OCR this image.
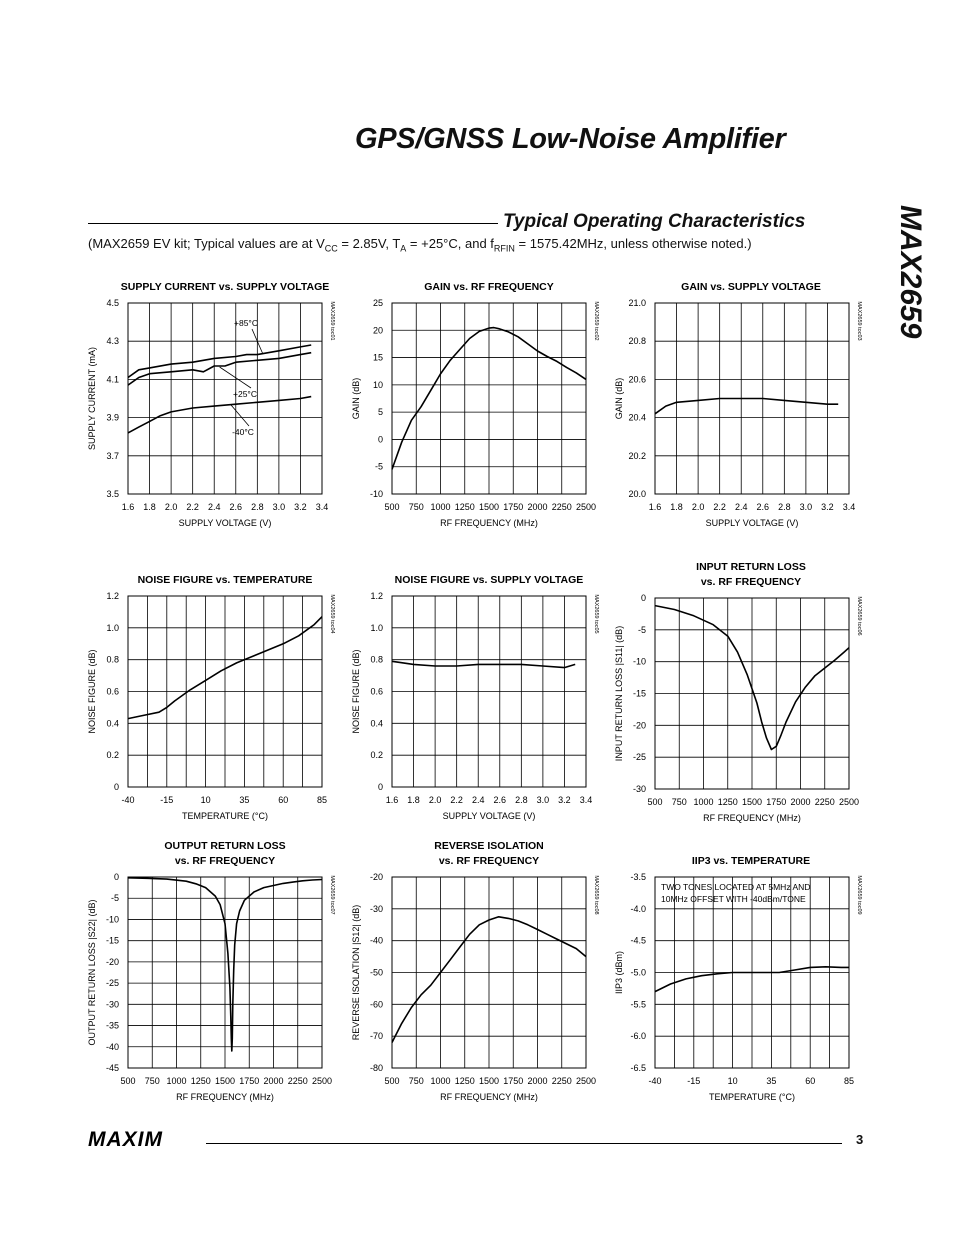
GPS/GNSS Low-Noise Amplifier
MAX2659
Typical Operating Characteristics
(MAX2659 EV kit; Typical values are at $V_{CC} = 2.85V$, $T_A = +25^\circ C$, and $f_{RFIN} = 1575.42MHz$, unless otherwise noted.)
SUPPLY CURRENT vs. SUPPLY VOLTAGE
1.6 1.8 2.0 2.2 2.4 2.6 2.8 3.0 3.2 3.4
3.5
3.7
3.9
4.1
4.3
4.5
SUPPLY VOLTAGE (V)
SUPPLY CURRENT (mA)
MAX2659 toc01
+85°C
+25°C
-40°C
GAIN vs. RF FREQUENCY
500 750 1000 1250 1500 1750 2000 2250 2500
-10
-5
0
5
10
15
20
25
RF FREQUENCY (MHz)
GAIN (dB)
MAX2659 toc02
GAIN vs. SUPPLY VOLTAGE
1.6 1.8 2.0 2.2 2.4 2.6 2.8 3.0 3.2 3.4
20.0
20.2
20.4
20.6
20.8
21.0
SUPPLY VOLTAGE (V)
GAIN (dB)
MAX2659 toc03
NOISE FIGURE vs. TEMPERATURE
-40	-15	10	35	60	85
0
0.2
0.4
0.6
0.8
1.0
1.2
TEMPERATURE (°C)
NOISE FIGURE (dB)
MAX2659 toc04
NOISE FIGURE vs. SUPPLY VOLTAGE
1.6 1.8 2.0 2.2 2.4 2.6 2.8 3.0 3.2 3.4
0
0.2
0.4
0.6
0.8
1.0
1.2
SUPPLY VOLTAGE (V)
NOISE FIGURE (dB)
MAX2659 toc05
INPUT RETURN LOSS
vs. RF FREQUENCY
500 750 1000 1250 1500 1750 2000 2250 2500
-30
-25
-20
-15
-10
-5
0
RF FREQUENCY (MHz)
INPUT RETURN LOSS |S11| (dB)
MAX2659 toc06
OUTPUT RETURN LOSS
vs. RF FREQUENCY
500 750 1000 1250 1500 1750 2000 2250 2500
-45
-40
-35
-30
-25
-20
-15
-10
-5
0
RF FREQUENCY (MHz)
OUTPUT RETURN LOSS |S22| (dB)
MAX2659 toc07
REVERSE ISOLATION
vs. RF FREQUENCY
500 750 1000 1250 1500 1750 2000 2250 2500
-80
-70
-60
-50
-40
-30
-20
RF FREQUENCY (MHz)
REVERSE ISOLATION |S12| (dB)
MAX2659 toc08
IIP3 vs. TEMPERATURE
-40	-15	10	35	60	85
-6.5
-6.0
-5.5
-5.0
-4.5
-4.0
-3.5
TEMPERATURE (°C)
IIP3 (dBm)
MAX2659 toc09
TWO TONES LOCATED AT 5MHz AND
10MHz OFFSET WITH -40dBm/TONE
MAXIM	3
